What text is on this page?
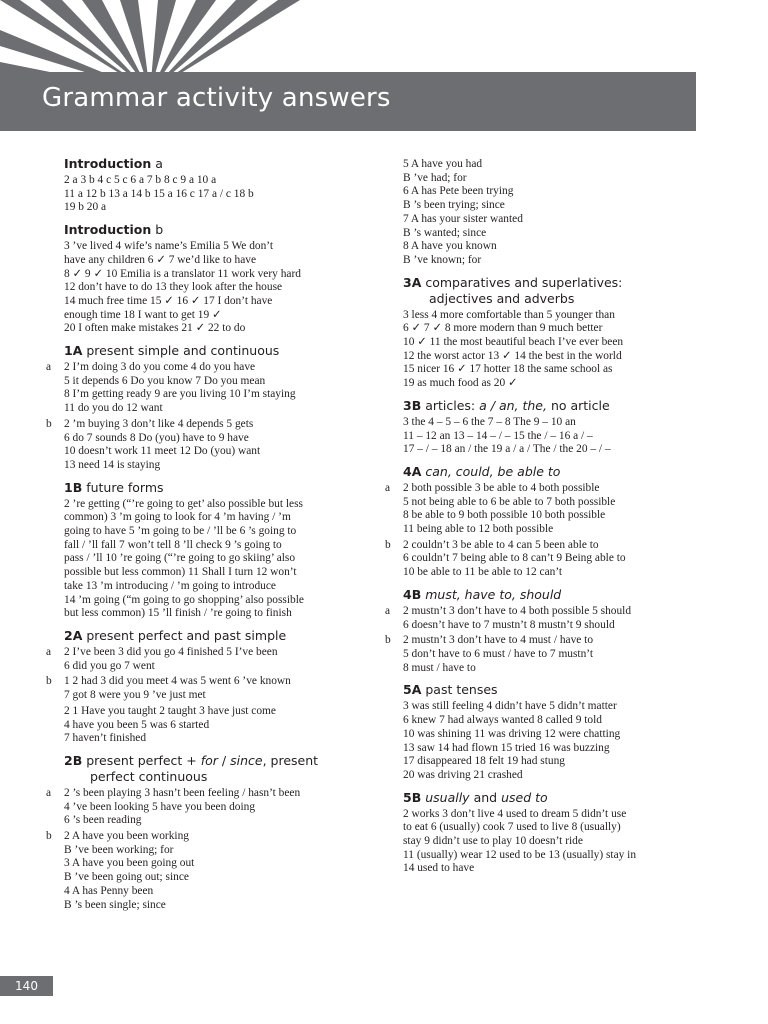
Grammar activity answers
Introduction a
2 a 3 b 4 c 5 c 6 a 7 b 8 c 9 a 10 a
11 a 12 b 13 a 14 b 15 a 16 c 17 a / c 18 b
19 b 20 a
Introduction b
3 ’ve lived 4 wife’s name’s Emilia 5 We don’t
have any children 6 ✓ 7 we’d like to have
8 ✓ 9 ✓ 10 Emilia is a translator 11 work very hard
12 don’t have to do 13 they look after the house
14 much free time 15 ✓ 16 ✓ 17 I don’t have
enough time 18 I want to get 19 ✓
20 I often make mistakes 21 ✓ 22 to do
1A present simple and continuous
a 2 I’m doing 3 do you come 4 do you have
5 it depends 6 Do you know 7 Do you mean
8 I’m getting ready 9 are you living 10 I’m staying
11 do you do 12 want
b 2 ’m buying 3 don’t like 4 depends 5 gets
6 do 7 sounds 8 Do (you) have to 9 have
10 doesn’t work 11 meet 12 Do (you) want
13 need 14 is staying
1B future forms
2 ’re getting (“’re going to get’ also possible but less
common) 3 ’m going to look for 4 ’m having / ’m
going to have 5 ’m going to be / ’ll be 6 ’s going to
fall / ’ll fall 7 won’t tell 8 ’ll check 9 ’s going to
pass / ’ll 10 ’re going (“’re going to go skiing’ also
possible but less common) 11 Shall I turn 12 won’t
take 13 ’m introducing / ’m going to introduce
14 ’m going (“m going to go shopping’ also possible
but less common) 15 ’ll finish / ’re going to finish
2A present perfect and past simple
a 2 I’ve been 3 did you go 4 finished 5 I’ve been
6 did you go 7 went
b 1 2 had 3 did you meet 4 was 5 went 6 ’ve known
7 got 8 were you 9 ’ve just met
2 1 Have you taught 2 taught 3 have just come
4 have you been 5 was 6 started
7 haven’t finished
2B present perfect + for / since, present
perfect continuous
a 2 ’s been playing 3 hasn’t been feeling / hasn’t been
4 ’ve been looking 5 have you been doing
6 ’s been reading
b 2 A have you been working
B ’ve been working; for
3 A have you been going out
B ’ve been going out; since
4 A has Penny been
B ’s been single; since
5 A have you had
B ’ve had; for
6 A has Pete been trying
B ’s been trying; since
7 A has your sister wanted
B ’s wanted; since
8 A have you known
B ’ve known; for
3A comparatives and superlatives:
adjectives and adverbs
3 less 4 more comfortable than 5 younger than
6 ✓ 7 ✓ 8 more modern than 9 much better
10 ✓ 11 the most beautiful beach I’ve ever been
12 the worst actor 13 ✓ 14 the best in the world
15 nicer 16 ✓ 17 hotter 18 the same school as
19 as much food as 20 ✓
3B articles: a / an, the, no article
3 the 4 – 5 – 6 the 7 – 8 The 9 – 10 an
11 – 12 an 13 – 14 – / – 15 the / – 16 a / –
17 – / – 18 an / the 19 a / a / The / the 20 – / –
4A can, could, be able to
a 2 both possible 3 be able to 4 both possible
5 not being able to 6 be able to 7 both possible
8 be able to 9 both possible 10 both possible
11 being able to 12 both possible
b 2 couldn’t 3 be able to 4 can 5 been able to
6 couldn’t 7 being able to 8 can’t 9 Being able to
10 be able to 11 be able to 12 can’t
4B must, have to, should
a 2 mustn’t 3 don’t have to 4 both possible 5 should
6 doesn’t have to 7 mustn’t 8 mustn’t 9 should
b 2 mustn’t 3 don’t have to 4 must / have to
5 don’t have to 6 must / have to 7 mustn’t
8 must / have to
5A past tenses
3 was still feeling 4 didn’t have 5 didn’t matter
6 knew 7 had always wanted 8 called 9 told
10 was shining 11 was driving 12 were chatting
13 saw 14 had flown 15 tried 16 was buzzing
17 disappeared 18 felt 19 had stung
20 was driving 21 crashed
5B usually and used to
2 works 3 don’t live 4 used to dream 5 didn’t use
to eat 6 (usually) cook 7 used to live 8 (usually)
stay 9 didn’t use to play 10 doesn’t ride
11 (usually) wear 12 used to be 13 (usually) stay in
14 used to have
140
